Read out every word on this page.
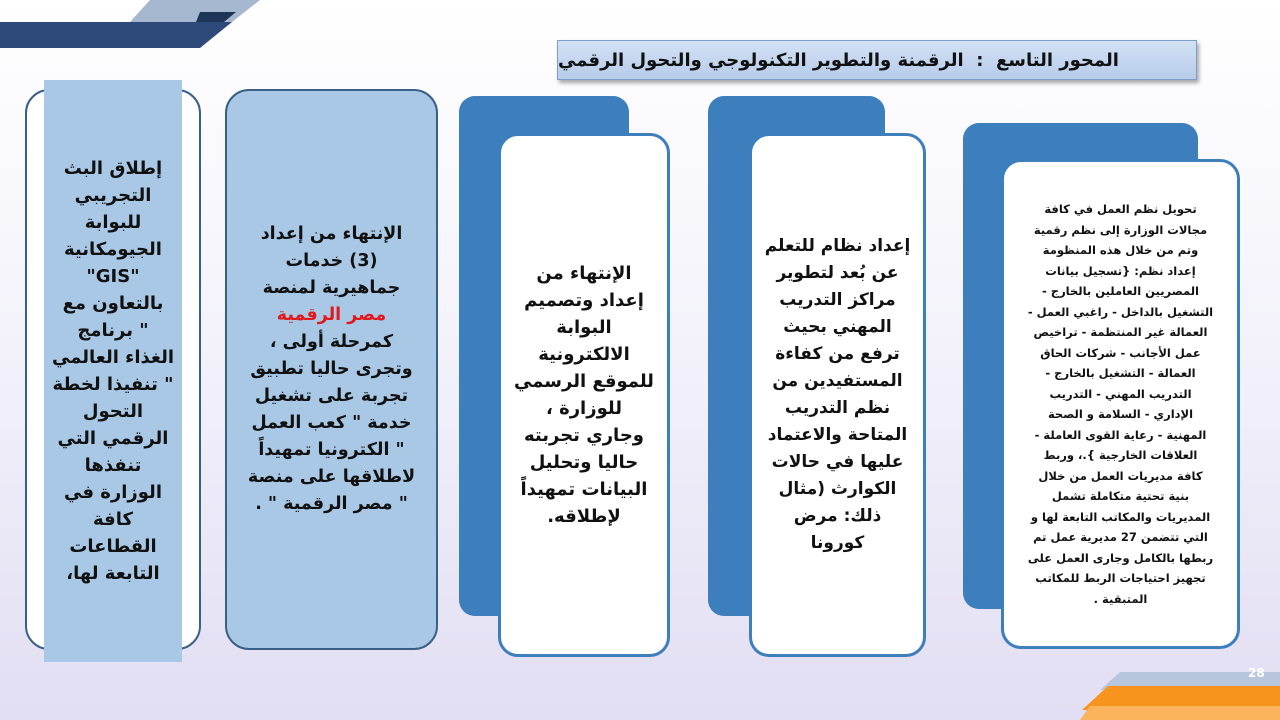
28
المحور التاسع
:
الرقمنة والتطوير التكنولوجي والتحول الرقمي

إطلاق البث
التجريبي
للبوابة
الجيومكانية
"GIS"
بالتعاون مع
" برنامج
الغذاء العالمي
" تنفيذا لخطة
التحول
الرقمي التي
تنفذها
الوزارة في
كافة
القطاعات
التابعة لها،

الإنتهاء من إعداد
(3) خدمات
جماهيرية لمنصة
مصر الرقمية
كمرحلة أولى ،
وتجرى حاليا تطبيق
تجربة على تشغيل
خدمة " كعب العمل
" الكترونيا تمهيداً
لاطلاقها على منصة
" مصر الرقمية " .

الإنتهاء من
إعداد وتصميم
البوابة
الالكترونية
للموقع الرسمي
للوزارة ،
وجاري تجربته
حاليا وتحليل
البيانات تمهيداً
لإطلاقه.

إعداد نظام للتعلم
عن بُعد لتطوير
مراكز التدريب
المهني بحيث
ترفع من كفاءة
المستفيدين من
نظم التدريب
المتاحة والاعتماد
عليها في حالات
الكوارث (مثال
ذلك: مرض
كورونا

تحويل نظم العمل في كافة
مجالات الوزارة إلى نظم رقمية
وتم من خلال هذه المنظومة
إعداد نظم: {تسجيل بيانات
المصريين العاملين بالخارج -
التشغيل بالداخل - راغبي العمل -
العمالة غير المنتظمة - تراخيص
عمل الأجانب - شركات الحاق
العمالة - التشغيل بالخارج -
التدريب المهني - التدريب
الإداري - السلامة و الصحة
المهنية - رعاية القوى العاملة -
العلاقات الخارجية }.، وربط
كافة مديريات العمل من خلال
بنية تحتية متكاملة تشمل
المديريات والمكاتب التابعة لها و
التي تتضمن 27 مديرية عمل تم
ربطها بالكامل وجارى العمل على
تجهيز احتياجات الربط للمكاتب
المتبقية .
